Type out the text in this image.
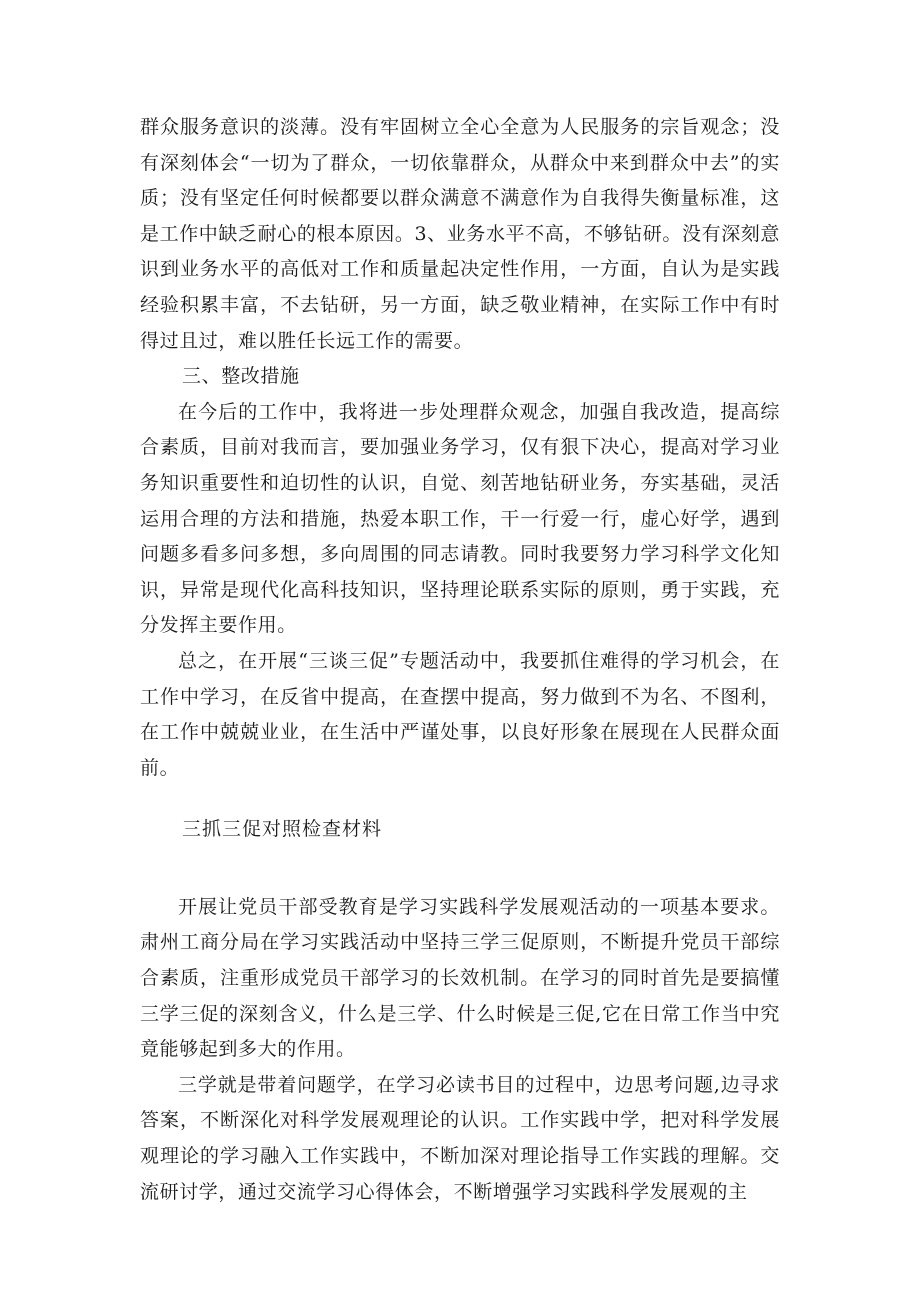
群众服务意识的淡薄。没有牢固树立全心全意为人民服务的宗旨观念；没有深刻体会“一切为了群众，一切依靠群众，从群众中来到群众中去”的实质；没有坚定任何时候都要以群众满意不满意作为自我得失衡量标准，这是工作中缺乏耐心的根本原因。3、业务水平不高，不够钻研。没有深刻意识到业务水平的高低对工作和质量起决定性作用，一方面，自认为是实践经验积累丰富，不去钻研，另一方面，缺乏敬业精神，在实际工作中有时得过且过，难以胜任长远工作的需要。

三、整改措施

在今后的工作中，我将进一步处理群众观念，加强自我改造，提高综合素质，目前对我而言，要加强业务学习，仅有狠下决心，提高对学习业务知识重要性和迫切性的认识，自觉、刻苦地钻研业务，夯实基础，灵活运用合理的方法和措施，热爱本职工作，干一行爱一行，虚心好学，遇到问题多看多问多想，多向周围的同志请教。同时我要努力学习科学文化知识，异常是现代化高科技知识，坚持理论联系实际的原则，勇于实践，充分发挥主要作用。

总之，在开展“三谈三促”专题活动中，我要抓住难得的学习机会，在工作中学习，在反省中提高，在查摆中提高，努力做到不为名、不图利，在工作中兢兢业业，在生活中严谨处事，以良好形象在展现在人民群众面前。

三抓三促对照检查材料

开展让党员干部受教育是学习实践科学发展观活动的一项基本要求。肃州工商分局在学习实践活动中坚持三学三促原则，不断提升党员干部综合素质，注重形成党员干部学习的长效机制。在学习的同时首先是要搞懂三学三促的深刻含义，什么是三学、什么时候是三促,它在日常工作当中究竟能够起到多大的作用。

三学就是带着问题学，在学习必读书目的过程中，边思考问题,边寻求答案，不断深化对科学发展观理论的认识。工作实践中学，把对科学发展观理论的学习融入工作实践中，不断加深对理论指导工作实践的理解。交流研讨学，通过交流学习心得体会，不断增强学习实践科学发展观的主
